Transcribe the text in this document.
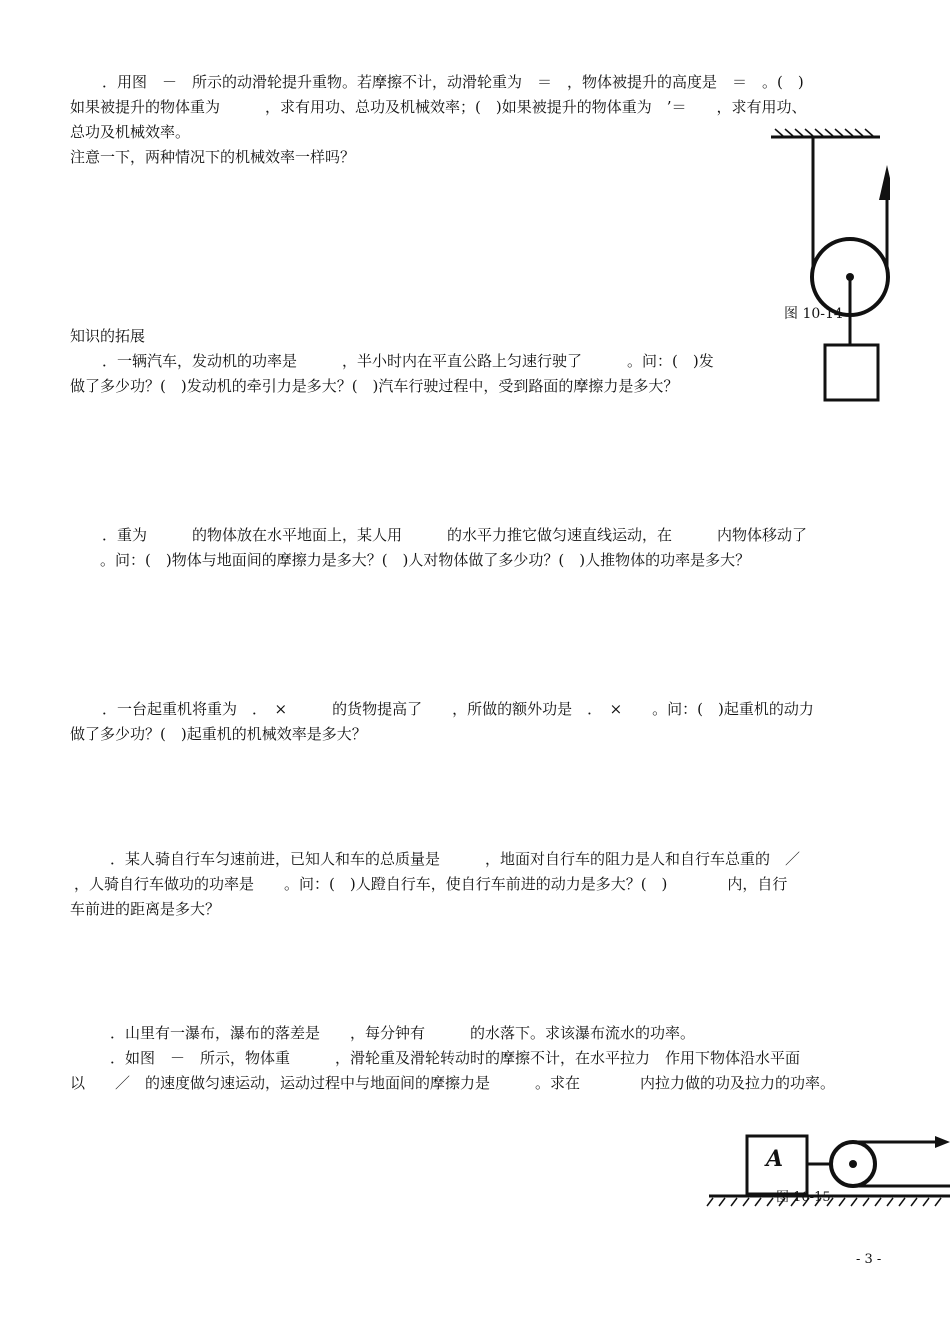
．用图　－　所示的动滑轮提升重物。若摩擦不计，动滑轮重为　＝　，物体被提升的高度是　＝　。(　)
如果被提升的物体重为　　　，求有用功、总功及机械效率；(　)如果被提升的物体重为　’＝　　，求有用功、
总功及机械效率。
注意一下，两种情况下的机械效率一样吗？
图 10-14
知识的拓展
．一辆汽车，发动机的功率是　　　，半小时内在平直公路上匀速行驶了　　　。问：(　)发
做了多少功？(　)发动机的牵引力是多大？(　)汽车行驶过程中，受到路面的摩擦力是多大？
．重为　　　的物体放在水平地面上，某人用　　　的水平力推它做匀速直线运动，在　　　内物体移动了
。问：(　)物体与地面间的摩擦力是多大？(　)人对物体做了多少功？(　)人推物体的功率是多大？
．一台起重机将重为　．　×　　　的货物提高了　　，所做的额外功是　．　×　　。问：(　)起重机的动力
做了多少功？(　)起重机的机械效率是多大？
．某人骑自行车匀速前进，已知人和车的总质量是　　　，地面对自行车的阻力是人和自行车总重的　／
，人骑自行车做功的功率是　　。问：(　)人蹬自行车，使自行车前进的动力是多大？(　)　　　　内，自行
车前进的距离是多大？
．山里有一瀑布，瀑布的落差是　　，每分钟有　　　的水落下。求该瀑布流水的功率。
．如图　－　所示，物体重　　　，滑轮重及滑轮转动时的摩擦不计，在水平拉力　作用下物体沿水平面
以　　／　的速度做匀速运动，运动过程中与地面间的摩擦力是　　　。求在　　　　内拉力做的功及拉力的功率。
A
图 10-15
- 3 -
